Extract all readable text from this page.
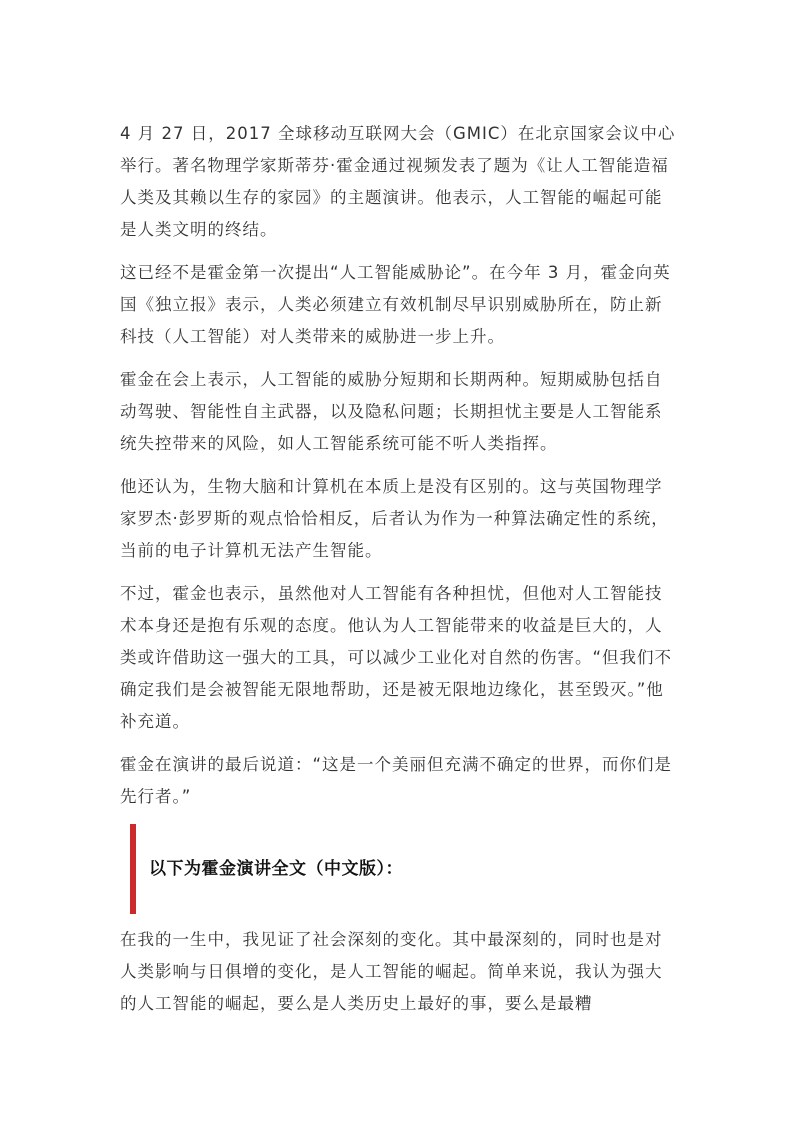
4 月 27 日，2017 全球移动互联网大会（GMIC）在北京国家会议中心举行。著名物理学家斯蒂芬·霍金通过视频发表了题为《让人工智能造福人类及其赖以生存的家园》的主题演讲。他表示，人工智能的崛起可能是人类文明的终结。

这已经不是霍金第一次提出“人工智能威胁论”。在今年 3 月，霍金向英国《独立报》表示，人类必须建立有效机制尽早识别威胁所在，防止新科技（人工智能）对人类带来的威胁进一步上升。

霍金在会上表示，人工智能的威胁分短期和长期两种。短期威胁包括自动驾驶、智能性自主武器，以及隐私问题；长期担忧主要是人工智能系统失控带来的风险，如人工智能系统可能不听人类指挥。

他还认为，生物大脑和计算机在本质上是没有区别的。这与英国物理学家罗杰·彭罗斯的观点恰恰相反，后者认为作为一种算法确定性的系统，当前的电子计算机无法产生智能。

不过，霍金也表示，虽然他对人工智能有各种担忧，但他对人工智能技术本身还是抱有乐观的态度。他认为人工智能带来的收益是巨大的，人类或许借助这一强大的工具，可以减少工业化对自然的伤害。“但我们不确定我们是会被智能无限地帮助，还是被无限地边缘化，甚至毁灭。”他补充道。

霍金在演讲的最后说道：“这是一个美丽但充满不确定的世界，而你们是先行者。”

以下为霍金演讲全文（中文版）：

在我的一生中，我见证了社会深刻的变化。其中最深刻的，同时也是对人类影响与日俱增的变化，是人工智能的崛起。简单来说，我认为强大的人工智能的崛起，要么是人类历史上最好的事，要么是最糟
